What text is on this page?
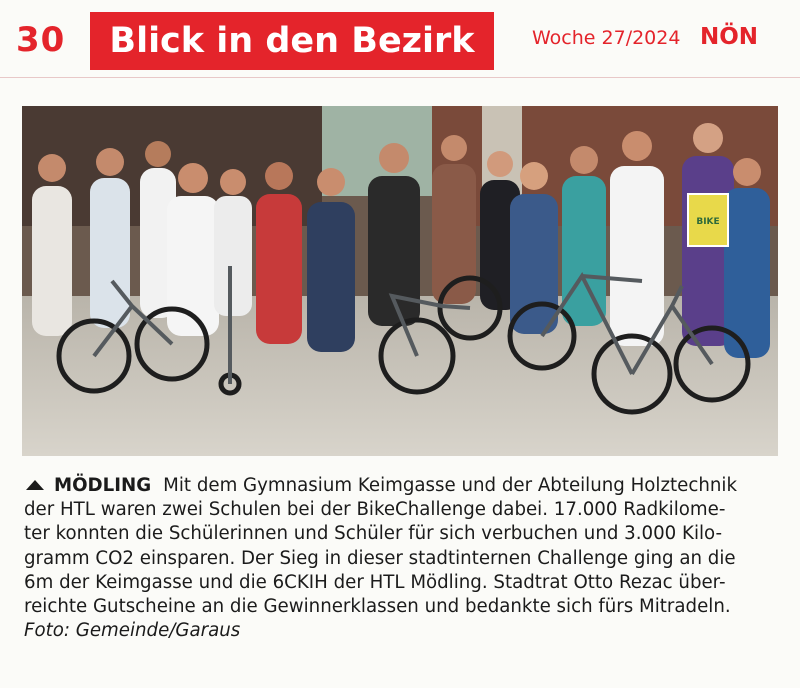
30 Blick in den Bezirk	Woche 27/2024 NÖN
BIKE
MÖDLING Mit dem Gymnasium Keimgasse und der Abteilung Holztechnik
der HTL waren zwei Schulen bei der BikeChallenge dabei. 17.000 Radkilome-
ter konnten die Schülerinnen und Schüler für sich verbuchen und 3.000 Kilo-
gramm CO2 einsparen. Der Sieg in dieser stadtinternen Challenge ging an die
6m der Keimgasse und die 6CKIH der HTL Mödling. Stadtrat Otto Rezac über-
reichte Gutscheine an die Gewinnerklassen und bedankte sich fürs Mitradeln.
Foto: Gemeinde/Garaus
